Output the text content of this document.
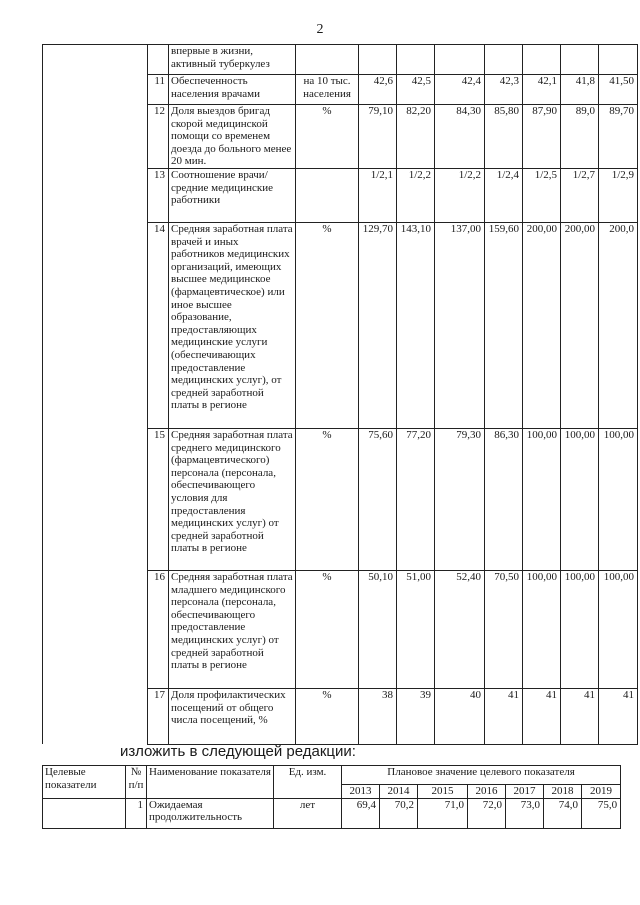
2
		впервые в жизни, активный туберкулез								
	11	Обеспеченность населения врачами	на 10 тыс. населения	42,6	42,5	42,4	42,3	42,1	41,8	41,50
	12	Доля выездов бригад скорой медицинской помощи со временем доезда до больного менее 20 мин.	%	79,10	82,20	84,30	85,80	87,90	89,0	89,70
	13	Соотношение врачи/средние медицинские работники		1/2,1	1/2,2	1/2,2	1/2,4	1/2,5	1/2,7	1/2,9
	14	Средняя заработная плата врачей и иных работников медицинских организаций, имеющих высшее медицинское (фармацевтическое) или иное высшее образование, предоставляющих медицинские услуги (обеспечивающих предоставление медицинских услуг), от средней заработной платы в регионе	%	129,70	143,10	137,00	159,60	200,00	200,00	200,0
	15	Средняя заработная плата среднего медицинского (фармацевтического) персонала (персонала, обеспечивающего условия для предоставления медицинских услуг) от средней заработной платы в регионе	%	75,60	77,20	79,30	86,30	100,00	100,00	100,00
	16	Средняя заработная плата младшего медицинского персонала (персонала, обеспечивающего предоставление медицинских услуг) от средней заработной платы в регионе	%	50,10	51,00	52,40	70,50	100,00	100,00	100,00
	17	Доля профилактических посещений от общего числа посещений, %	%	38	39	40	41	41	41	41
изложить в следующей редакции:
Целевые показатели	№ п/п	Наименование показателя	Ед. изм.	Плановое значение целевого показателя						
				2013	2014	2015	2016	2017	2018	2019
	1	Ожидаемая продолжительность	лет	69,4	70,2	71,0	72,0	73,0	74,0	75,0
